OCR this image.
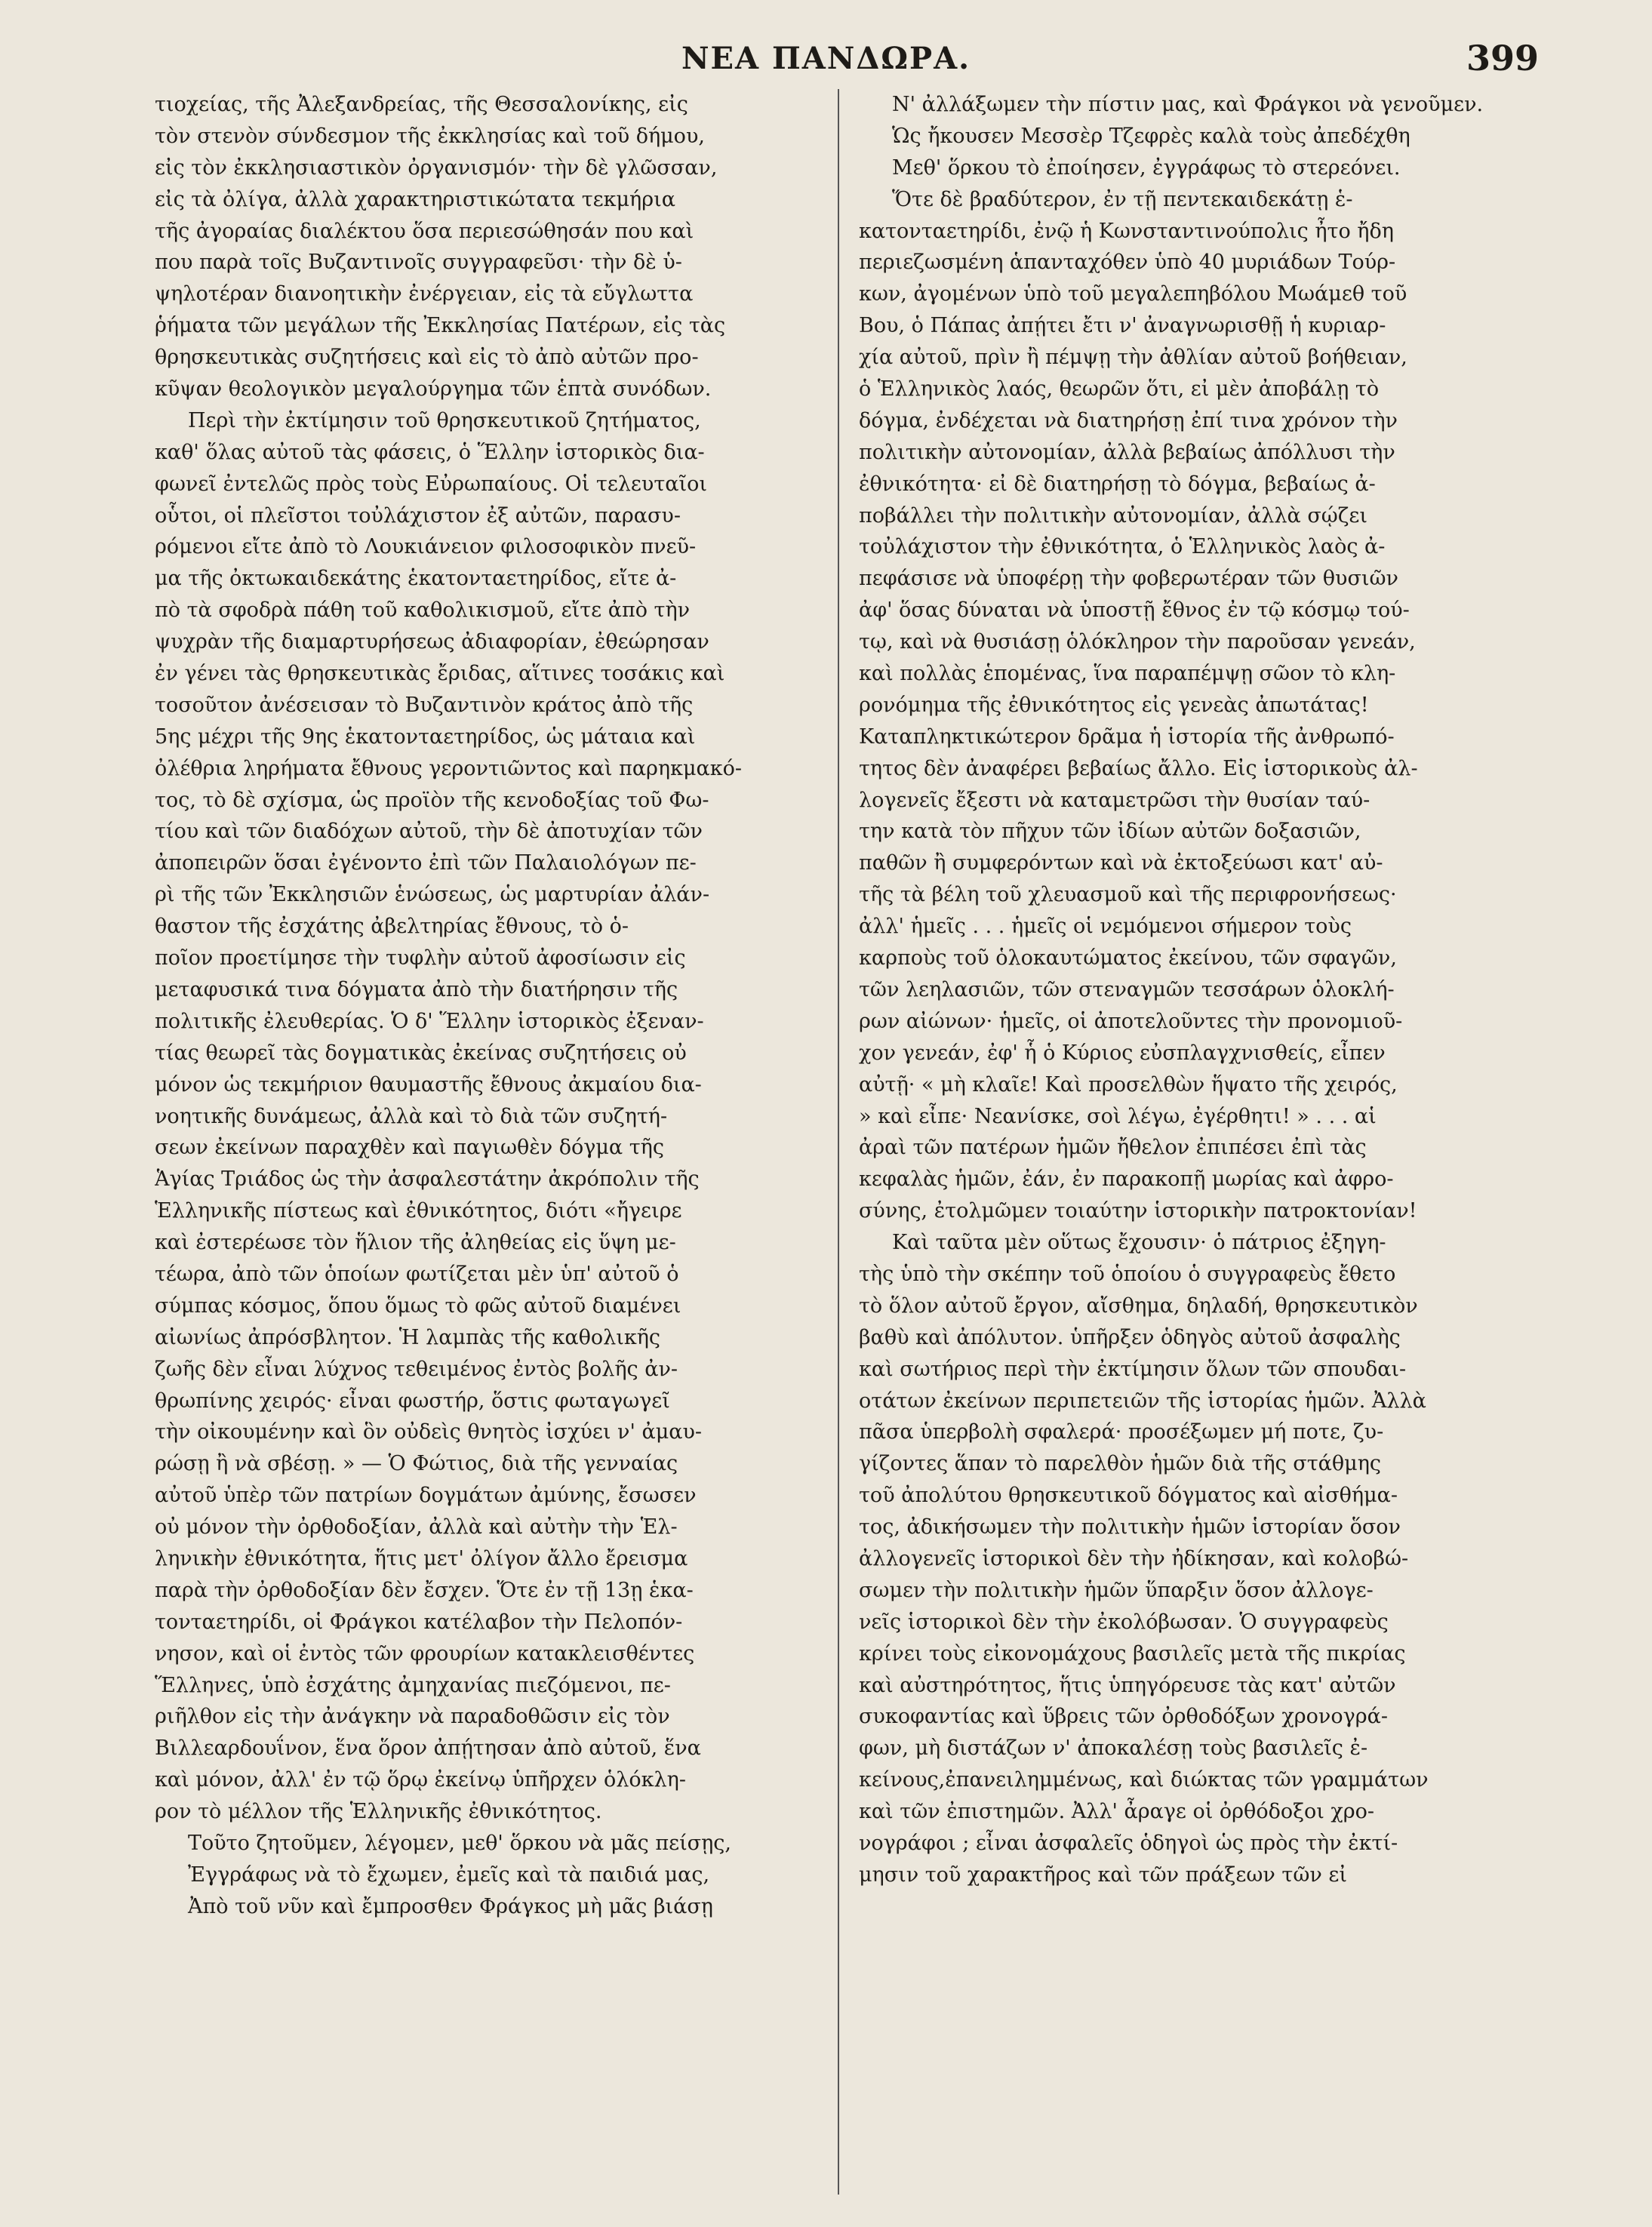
ΝΕΑ ΠΑΝΔΩΡΑ.	399
τιοχείας, τῆς Ἀλεξανδρείας, τῆς Θεσσαλονίκης, εἰς
τὸν στενὸν σύνδεσμον τῆς ἐκκλησίας καὶ τοῦ δήμου,
εἰς τὸν ἐκκλησιαστικὸν ὀργανισμόν· τὴν δὲ γλῶσσαν,
εἰς τὰ ὀλίγα, ἀλλὰ χαρακτηριστικώτατα τεκμήρια
τῆς ἀγοραίας διαλέκτου ὅσα περιεσώθησάν που καὶ
που παρὰ τοῖς Βυζαντινοῖς συγγραφεῦσι· τὴν δὲ ὑ-
ψηλοτέραν διανοητικὴν ἐνέργειαν, εἰς τὰ εὔγλωττα
ῥήματα τῶν μεγάλων τῆς Ἐκκλησίας Πατέρων, εἰς τὰς
θρησκευτικὰς συζητήσεις καὶ εἰς τὸ ἀπὸ αὐτῶν προ-
κῦψαν θεολογικὸν μεγαλούργημα τῶν ἑπτὰ συνόδων.
Περὶ τὴν ἐκτίμησιν τοῦ θρησκευτικοῦ ζητήματος,
καθ' ὅλας αὐτοῦ τὰς φάσεις, ὁ Ἕλλην ἱστορικὸς δια-
φωνεῖ ἐντελῶς πρὸς τοὺς Εὐρωπαίους. Οἱ τελευταῖοι
οὗτοι, οἱ πλεῖστοι τοὐλάχιστον ἐξ αὐτῶν, παρασυ-
ρόμενοι εἴτε ἀπὸ τὸ Λουκιάνειον φιλοσοφικὸν πνεῦ-
μα τῆς ὀκτωκαιδεκάτης ἑκατονταετηρίδος, εἴτε ἀ-
πὸ τὰ σφοδρὰ πάθη τοῦ καθολικισμοῦ, εἴτε ἀπὸ τὴν
ψυχρὰν τῆς διαμαρτυρήσεως ἀδιαφορίαν, ἐθεώρησαν
ἐν γένει τὰς θρησκευτικὰς ἔριδας, αἵτινες τοσάκις καὶ
τοσοῦτον ἀνέσεισαν τὸ Βυζαντινὸν κράτος ἀπὸ τῆς
5ης μέχρι τῆς 9ης ἑκατονταετηρίδος, ὡς μάταια καὶ
ὀλέθρια ληρήματα ἔθνους γεροντιῶντος καὶ παρηκμακό-
τος, τὸ δὲ σχίσμα, ὡς προϊὸν τῆς κενοδοξίας τοῦ Φω-
τίου καὶ τῶν διαδόχων αὐτοῦ, τὴν δὲ ἀποτυχίαν τῶν
ἀποπειρῶν ὅσαι ἐγένοντο ἐπὶ τῶν Παλαιολόγων πε-
ρὶ τῆς τῶν Ἐκκλησιῶν ἑνώσεως, ὡς μαρτυρίαν ἀλάν-
θαστον τῆς ἐσχάτης ἀβελτηρίας ἔθνους, τὸ ὁ-
ποῖον προετίμησε τὴν τυφλὴν αὐτοῦ ἀφοσίωσιν εἰς
μεταφυσικά τινα δόγματα ἀπὸ τὴν διατήρησιν τῆς
πολιτικῆς ἐλευθερίας. Ὁ δ' Ἕλλην ἱστορικὸς ἐξεναν-
τίας θεωρεῖ τὰς δογματικὰς ἐκείνας συζητήσεις οὐ
μόνον ὡς τεκμήριον θαυμαστῆς ἔθνους ἀκμαίου δια-
νοητικῆς δυνάμεως, ἀλλὰ καὶ τὸ διὰ τῶν συζητή-
σεων ἐκείνων παραχθὲν καὶ παγιωθὲν δόγμα τῆς
Ἁγίας Τριάδος ὡς τὴν ἀσφαλεστάτην ἀκρόπολιν τῆς
Ἑλληνικῆς πίστεως καὶ ἐθνικότητος, διότι «ἤγειρε
καὶ ἐστερέωσε τὸν ἥλιον τῆς ἀληθείας εἰς ὕψη με-
τέωρα, ἀπὸ τῶν ὁποίων φωτίζεται μὲν ὑπ' αὐτοῦ ὁ
σύμπας κόσμος, ὅπου ὅμως τὸ φῶς αὐτοῦ διαμένει
αἰωνίως ἀπρόσβλητον. Ἡ λαμπὰς τῆς καθολικῆς
ζωῆς δὲν εἶναι λύχνος τεθειμένος ἐντὸς βολῆς ἀν-
θρωπίνης χειρός· εἶναι φωστήρ, ὅστις φωταγωγεῖ
τὴν οἰκουμένην καὶ ὃν οὐδεὶς θνητὸς ἰσχύει ν' ἀμαυ-
ρώσῃ ἢ νὰ σβέσῃ. » — Ὁ Φώτιος, διὰ τῆς γενναίας
αὐτοῦ ὑπὲρ τῶν πατρίων δογμάτων ἀμύνης, ἔσωσεν
οὐ μόνον τὴν ὀρθοδοξίαν, ἀλλὰ καὶ αὐτὴν τὴν Ἑλ-
ληνικὴν ἐθνικότητα, ἥτις μετ' ὀλίγον ἄλλο ἔρεισμα
παρὰ τὴν ὀρθοδοξίαν δὲν ἔσχεν. Ὅτε ἐν τῇ 13ῃ ἑκα-
τονταετηρίδι, οἱ Φράγκοι κατέλαβον τὴν Πελοπόν-
νησον, καὶ οἱ ἐντὸς τῶν φρουρίων κατακλεισθέντες
Ἕλληνες, ὑπὸ ἐσχάτης ἀμηχανίας πιεζόμενοι, πε-
ριῆλθον εἰς τὴν ἀνάγκην νὰ παραδοθῶσιν εἰς τὸν
Βιλλεαρδουΐνον, ἕνα ὅρον ἀπῄτησαν ἀπὸ αὐτοῦ, ἕνα
καὶ μόνον, ἀλλ' ἐν τῷ ὅρῳ ἐκείνῳ ὑπῆρχεν ὁλόκλη-
ρον τὸ μέλλον τῆς Ἑλληνικῆς ἐθνικότητος.
Τοῦτο ζητοῦμεν, λέγομεν, μεθ' ὅρκου νὰ μᾶς πείσῃς,
Ἐγγράφως νὰ τὸ ἔχωμεν, ἐμεῖς καὶ τὰ παιδιά μας,
Ἀπὸ τοῦ νῦν καὶ ἔμπροσθεν Φράγκος μὴ μᾶς βιάσῃ
Ν' ἀλλάξωμεν τὴν πίστιν μας, καὶ Φράγκοι νὰ γενοῦμεν.
Ὡς ἤκουσεν Μεσσὲρ Τζεφρὲς καλὰ τοὺς ἀπεδέχθη
Μεθ' ὅρκου τὸ ἐποίησεν, ἐγγράφως τὸ στερεόνει.
Ὅτε δὲ βραδύτερον, ἐν τῇ πεντεκαιδεκάτῃ ἑ-
κατονταετηρίδι, ἐνῷ ἡ Κωνσταντινούπολις ἦτο ἤδη
περιεζωσμένη ἁπανταχόθεν ὑπὸ 40 μυριάδων Τούρ-
κων, ἀγομένων ὑπὸ τοῦ μεγαλεπηβόλου Μωάμεθ τοῦ
Βου, ὁ Πάπας ἀπῄτει ἔτι ν' ἀναγνωρισθῇ ἡ κυριαρ-
χία αὐτοῦ, πρὶν ἢ πέμψῃ τὴν ἀθλίαν αὐτοῦ βοήθειαν,
ὁ Ἑλληνικὸς λαός, θεωρῶν ὅτι, εἰ μὲν ἀποβάλῃ τὸ
δόγμα, ἐνδέχεται νὰ διατηρήσῃ ἐπί τινα χρόνον τὴν
πολιτικὴν αὐτονομίαν, ἀλλὰ βεβαίως ἀπόλλυσι τὴν
ἐθνικότητα· εἰ δὲ διατηρήσῃ τὸ δόγμα, βεβαίως ἀ-
ποβάλλει τὴν πολιτικὴν αὐτονομίαν, ἀλλὰ σῴζει
τοὐλάχιστον τὴν ἐθνικότητα, ὁ Ἑλληνικὸς λαὸς ἀ-
πεφάσισε νὰ ὑποφέρῃ τὴν φοβερωτέραν τῶν θυσιῶν
ἀφ' ὅσας δύναται νὰ ὑποστῇ ἔθνος ἐν τῷ κόσμῳ τού-
τῳ, καὶ νὰ θυσιάσῃ ὁλόκληρον τὴν παροῦσαν γενεάν,
καὶ πολλὰς ἑπομένας, ἵνα παραπέμψῃ σῶον τὸ κλη-
ρονόμημα τῆς ἐθνικότητος εἰς γενεὰς ἀπωτάτας!
Καταπληκτικώτερον δρᾶμα ἡ ἱστορία τῆς ἀνθρωπό-
τητος δὲν ἀναφέρει βεβαίως ἄλλο. Εἰς ἱστορικοὺς ἀλ-
λογενεῖς ἔξεστι νὰ καταμετρῶσι τὴν θυσίαν ταύ-
την κατὰ τὸν πῆχυν τῶν ἰδίων αὐτῶν δοξασιῶν,
παθῶν ἢ συμφερόντων καὶ νὰ ἐκτοξεύωσι κατ' αὐ-
τῆς τὰ βέλη τοῦ χλευασμοῦ καὶ τῆς περιφρονήσεως·
ἀλλ' ἡμεῖς . . . ἡμεῖς οἱ νεμόμενοι σήμερον τοὺς
καρποὺς τοῦ ὁλοκαυτώματος ἐκείνου, τῶν σφαγῶν,
τῶν λεηλασιῶν, τῶν στεναγμῶν τεσσάρων ὁλοκλή-
ρων αἰώνων· ἡμεῖς, οἱ ἀποτελοῦντες τὴν προνομιοῦ-
χον γενεάν, ἐφ' ἧ ὁ Κύριος εὐσπλαγχνισθείς, εἶπεν
αὐτῇ· « μὴ κλαῖε! Καὶ προσελθὼν ἥψατο τῆς χειρός,
» καὶ εἶπε· Νεανίσκε, σοὶ λέγω, ἐγέρθητι! » . . . αἱ
ἀραὶ τῶν πατέρων ἡμῶν ἤθελον ἐπιπέσει ἐπὶ τὰς
κεφαλὰς ἡμῶν, ἐάν, ἐν παρακοπῇ μωρίας καὶ ἀφρο-
σύνης, ἐτολμῶμεν τοιαύτην ἱστορικὴν πατροκτονίαν!
Καὶ ταῦτα μὲν οὕτως ἔχουσιν· ὁ πάτριος ἐξηγη-
τὴς ὑπὸ τὴν σκέπην τοῦ ὁποίου ὁ συγγραφεὺς ἔθετο
τὸ ὅλον αὐτοῦ ἔργον, αἴσθημα, δηλαδή, θρησκευτικὸν
βαθὺ καὶ ἀπόλυτον. ὑπῆρξεν ὁδηγὸς αὐτοῦ ἀσφαλὴς
καὶ σωτήριος περὶ τὴν ἐκτίμησιν ὅλων τῶν σπουδαι-
οτάτων ἐκείνων περιπετειῶν τῆς ἱστορίας ἡμῶν. Ἀλλὰ
πᾶσα ὑπερβολὴ σφαλερά· προσέξωμεν μή ποτε, ζυ-
γίζοντες ἅπαν τὸ παρελθὸν ἡμῶν διὰ τῆς στάθμης
τοῦ ἀπολύτου θρησκευτικοῦ δόγματος καὶ αἰσθήμα-
τος, ἀδικήσωμεν τὴν πολιτικὴν ἡμῶν ἱστορίαν ὅσον
ἀλλογενεῖς ἱστορικοὶ δὲν τὴν ἠδίκησαν, καὶ κολοβώ-
σωμεν τὴν πολιτικὴν ἡμῶν ὕπαρξιν ὅσον ἀλλογε-
νεῖς ἱστορικοὶ δὲν τὴν ἐκολόβωσαν. Ὁ συγγραφεὺς
κρίνει τοὺς εἰκονομάχους βασιλεῖς μετὰ τῆς πικρίας
καὶ αὐστηρότητος, ἥτις ὑπηγόρευσε τὰς κατ' αὐτῶν
συκοφαντίας καὶ ὕβρεις τῶν ὀρθοδόξων χρονογρά-
φων, μὴ διστάζων ν' ἀποκαλέσῃ τοὺς βασιλεῖς ἐ-
κείνους,ἐπανειλημμένως, καὶ διώκτας τῶν γραμμάτων
καὶ τῶν ἐπιστημῶν. Ἀλλ' ἆραγε οἱ ὀρθόδοξοι χρο-
νογράφοι ; εἶναι ἀσφαλεῖς ὁδηγοὶ ὡς πρὸς τὴν ἐκτί-
μησιν τοῦ χαρακτῆρος καὶ τῶν πράξεων τῶν εἰ
